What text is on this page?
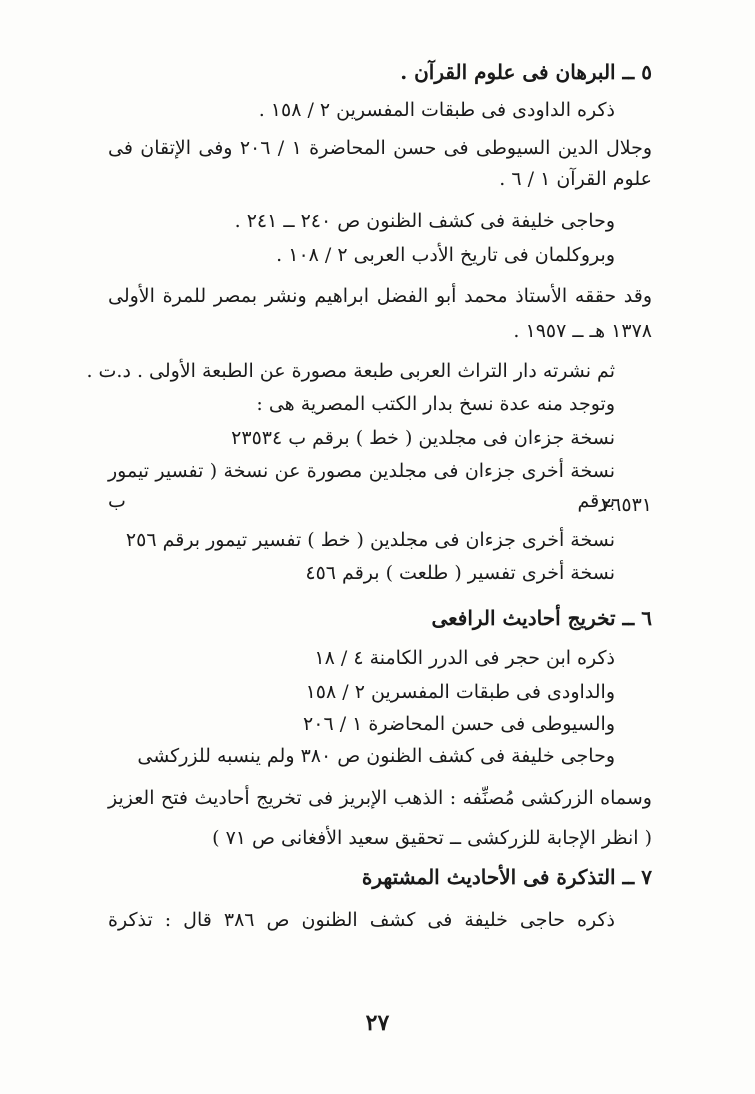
٥ ــ البرهان فى علوم القرآن .
ذكره الداودى فى طبقات المفسرين ٢ / ١٥٨ .
وجلال الدين السيوطى فى حسن المحاضرة ١ / ٢٠٦ وفى الإتقان فى
علوم القرآن ١ / ٦ .
وحاجى خليفة فى كشف الظنون ص ٢٤٠ ــ ٢٤١ .
وبروكلمان فى تاريخ الأدب العربى ٢ / ١٠٨ .
وقد حققه الأستاذ محمد أبو الفضل ابراهيم ونشر بمصر للمرة الأولى
١٣٧٨ هـ ــ ١٩٥٧ .
ثم نشرته دار التراث العربى طبعة مصورة عن الطبعة الأولى . د.ت .
وتوجد منه عدة نسخ بدار الكتب المصرية هى :
نسخة جزءان فى مجلدين ( خط ) برقم ب ٢٣٥٣٤
نسخة أخرى جزءان فى مجلدين مصورة عن نسخة ( تفسير تيمور برقم ب
٢٦٥٣١
نسخة أخرى جزءان فى مجلدين ( خط ) تفسير تيمور برقم ٢٥٦
نسخة أخرى تفسير ( طلعت ) برقم ٤٥٦
٦ ــ تخريج أحاديث الرافعى
ذكره ابن حجر فى الدرر الكامنة ٤ / ١٨
والداودى فى طبقات المفسرين ٢ / ١٥٨
والسيوطى فى حسن المحاضرة ١ / ٢٠٦
وحاجى خليفة فى كشف الظنون ص ٣٨٠ ولم ينسبه للزركشى
وسماه الزركشى مُصنِّفه : الذهب الإبريز فى تخريج أحاديث فتح العزيز
( انظر الإجابة للزركشى ــ تحقيق سعيد الأفغانى ص ٧١ )
٧ ــ التذكرة فى الأحاديث المشتهرة
ذكره حاجى خليفة فى كشف الظنون ص ٣٨٦ قال : تذكرة
٢٧
